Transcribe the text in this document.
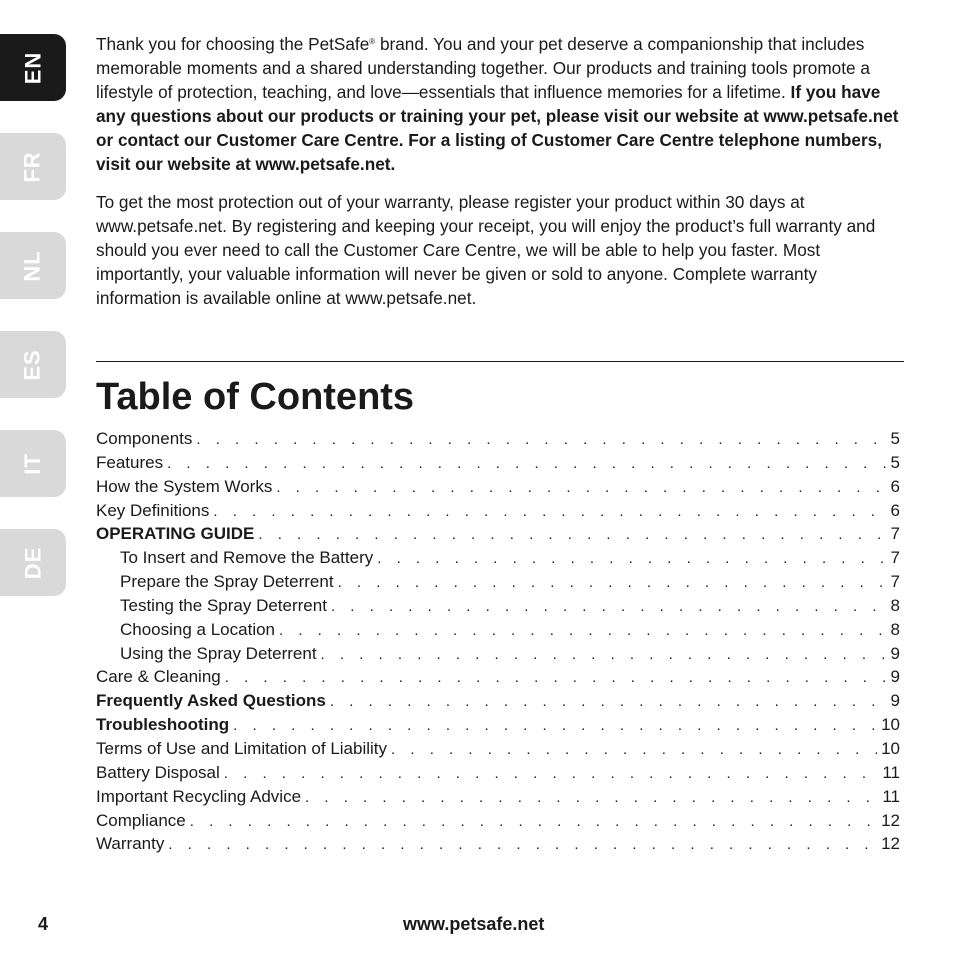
EN
FR
NL
ES
IT
DE

Thank you for choosing the PetSafe® brand. You and your pet deserve a companionship that includes memorable moments and a shared understanding together. Our products and training tools promote a lifestyle of protection, teaching, and love—essentials that influence memories for a lifetime. If you have any questions about our products or training your pet, please visit our website at www.petsafe.net or contact our Customer Care Centre. For a listing of Customer Care Centre telephone numbers, visit our website at www.petsafe.net.

To get the most protection out of your warranty, please register your product within 30 days at www.petsafe.net. By registering and keeping your receipt, you will enjoy the product’s full warranty and should you ever need to call the Customer Care Centre, we will be able to help you faster. Most importantly, your valuable information will never be given or sold to anyone. Complete warranty information is available online at www.petsafe.net.

Table of Contents
Components . . .	5
Features . . .	5
How the System Works . . .	6
Key Definitions . . .	6
OPERATING GUIDE . . .	7
To Insert and Remove the Battery . . .	7
Prepare the Spray Deterrent . . .	7
Testing the Spray Deterrent . . .	8
Choosing a Location . . .	8
Using the Spray Deterrent . . .	9
Care & Cleaning . . .	9
Frequently Asked Questions . . .	9
Troubleshooting . . .	10
Terms of Use and Limitation of Liability . . .	10
Battery Disposal . . .	11
Important Recycling Advice . . .	11
Compliance . . .	12
Warranty . . .	12
4	www.petsafe.net
